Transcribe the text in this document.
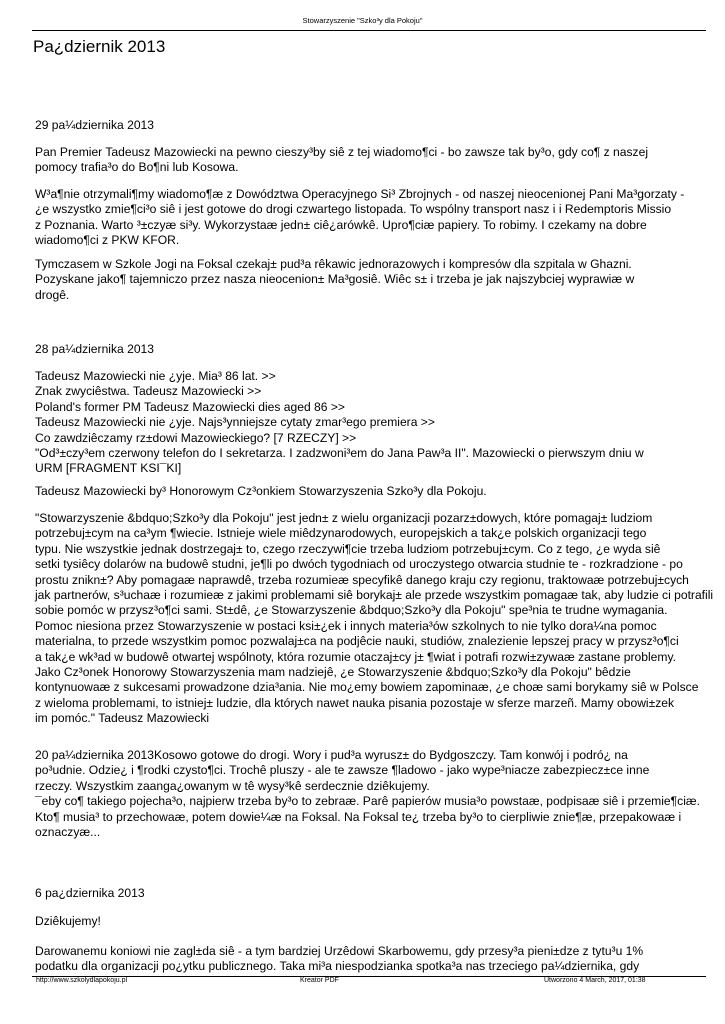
Stowarzyszenie "Szko³y dla Pokoju"
Pa¿dziernik 2013

29 pa¼dziernika 2013

Pan Premier Tadeusz Mazowiecki na pewno cieszy³by siê z tej wiadomo¶ci - bo zawsze tak by³o, gdy co¶ z naszej

pomocy trafia³o do Bo¶ni lub Kosowa.

W³a¶nie otrzymali¶my wiadomo¶æ z Dowództwa Operacyjnego Si³ Zbrojnych - od naszej nieocenionej Pani Ma³gorzaty -

¿e wszystko zmie¶ci³o siê i jest gotowe do drogi czwartego listopada. To wspólny transport nasz i i Redemptoris Missio

z Poznania. Warto ³±czyæ si³y. Wykorzystaæ jedn± ciê¿arówkê. Upro¶ciæ papiery. To robimy. I czekamy na dobre

wiadomo¶ci z PKW KFOR.

Tymczasem w Szkole Jogi na Foksal czekaj± pud³a rêkawic jednorazowych i kompresów dla szpitala w Ghazni.

Pozyskane jako¶ tajemniczo przez nasza nieocenion± Ma³gosiê. Wiêc s± i trzeba je jak najszybciej wyprawiæ w

drogê.

28 pa¼dziernika 2013

Tadeusz Mazowiecki nie ¿yje. Mia³ 86 lat. >>

Znak zwyciêstwa. Tadeusz Mazowiecki >>

Poland's former PM Tadeusz Mazowiecki dies aged 86 >>

Tadeusz Mazowiecki nie ¿yje. Najs³ynniejsze cytaty zmar³ego premiera >>

Co zawdziêczamy rz±dowi Mazowieckiego? [7 RZECZY] >>

"Od³±czy³em czerwony telefon do I sekretarza. I zadzwoni³em do Jana Paw³a II". Mazowiecki o pierwszym dniu w

URM [FRAGMENT KSI¯KI]

Tadeusz Mazowiecki by³ Honorowym Cz³onkiem Stowarzyszenia Szko³y dla Pokoju.

"Stowarzyszenie &bdquo;Szko³y dla Pokoju" jest jedn± z wielu organizacji pozarz±dowych, które pomagaj± ludziom

potrzebuj±cym na ca³ym ¶wiecie. Istnieje wiele miêdzynarodowych, europejskich a tak¿e polskich organizacji tego

typu. Nie wszystkie jednak dostrzegaj± to, czego rzeczywi¶cie trzeba ludziom potrzebuj±cym. Co z tego, ¿e wyda siê

setki tysiêcy dolarów na budowê studni, je¶li po dwóch tygodniach od uroczystego otwarcia studnie te - rozkradzione - po

prostu znikn±? Aby pomagaæ naprawdê, trzeba rozumieæ specyfikê danego kraju czy regionu, traktowaæ potrzebuj±cych

jak partnerów, s³uchaæ i rozumieæ z jakimi problemami siê borykaj± ale przede wszystkim pomagaæ tak, aby ludzie ci potrafili

sobie pomóc w przysz³o¶ci sami. St±dê, ¿e Stowarzyszenie &bdquo;Szko³y dla Pokoju" spe³nia te trudne wymagania.

Pomoc niesiona przez Stowarzyszenie w postaci ksi±¿ek i innych materia³ów szkolnych to nie tylko dora¼na pomoc

materialna, to przede wszystkim pomoc pozwalaj±ca na podjêcie nauki, studiów, znalezienie lepszej pracy w przysz³o¶ci

a tak¿e wk³ad w budowê otwartej wspólnoty, która rozumie otaczaj±cy j± ¶wiat i potrafi rozwi±zywaæ zastane problemy.

Jako Cz³onek Honorowy Stowarzyszenia mam nadziejê, ¿e Stowarzyszenie &bdquo;Szko³y dla Pokoju" bêdzie

kontynuowaæ z sukcesami prowadzone dzia³ania. Nie mo¿emy bowiem zapominaæ, ¿e choæ sami borykamy siê w Polsce

z wieloma problemami, to istniej± ludzie, dla których nawet nauka pisania pozostaje w sferze marzeñ. Mamy obowi±zek

im pomóc." Tadeusz Mazowiecki

20 pa¼dziernika 2013Kosowo gotowe do drogi. Wory i pud³a wyrusz± do Bydgoszczy. Tam konwój i podró¿ na

po³udnie. Odzie¿ i ¶rodki czysto¶ci. Trochê pluszy - ale te zawsze ¶ladowo - jako wype³niacze zabezpiecz±ce inne

rzeczy. Wszystkim zaanga¿owanym w tê wysy³kê serdecznie dziêkujemy.

¯eby co¶ takiego pojecha³o, najpierw trzeba by³o to zebraæ. Parê papierów musia³o powstaæ, podpisaæ siê i przemie¶ciæ.

Kto¶ musia³ to przechowaæ, potem dowie¼æ na Foksal. Na Foksal te¿ trzeba by³o to cierpliwie znie¶æ, przepakowaæ i

oznaczyæ...

6 pa¿dziernika 2013

Dziêkujemy!

Darowanemu koniowi nie zagl±da siê - a tym bardziej Urzêdowi Skarbowemu, gdy przesy³a pieni±dze z tytu³u 1%

podatku dla organizacji po¿ytku publicznego. Taka mi³a niespodzianka spotka³a nas trzeciego pa¼dziernika, gdy

http://www.szkolydlapokoju.pl	Kreator PDF	Utworzono 4 March, 2017, 01:38
